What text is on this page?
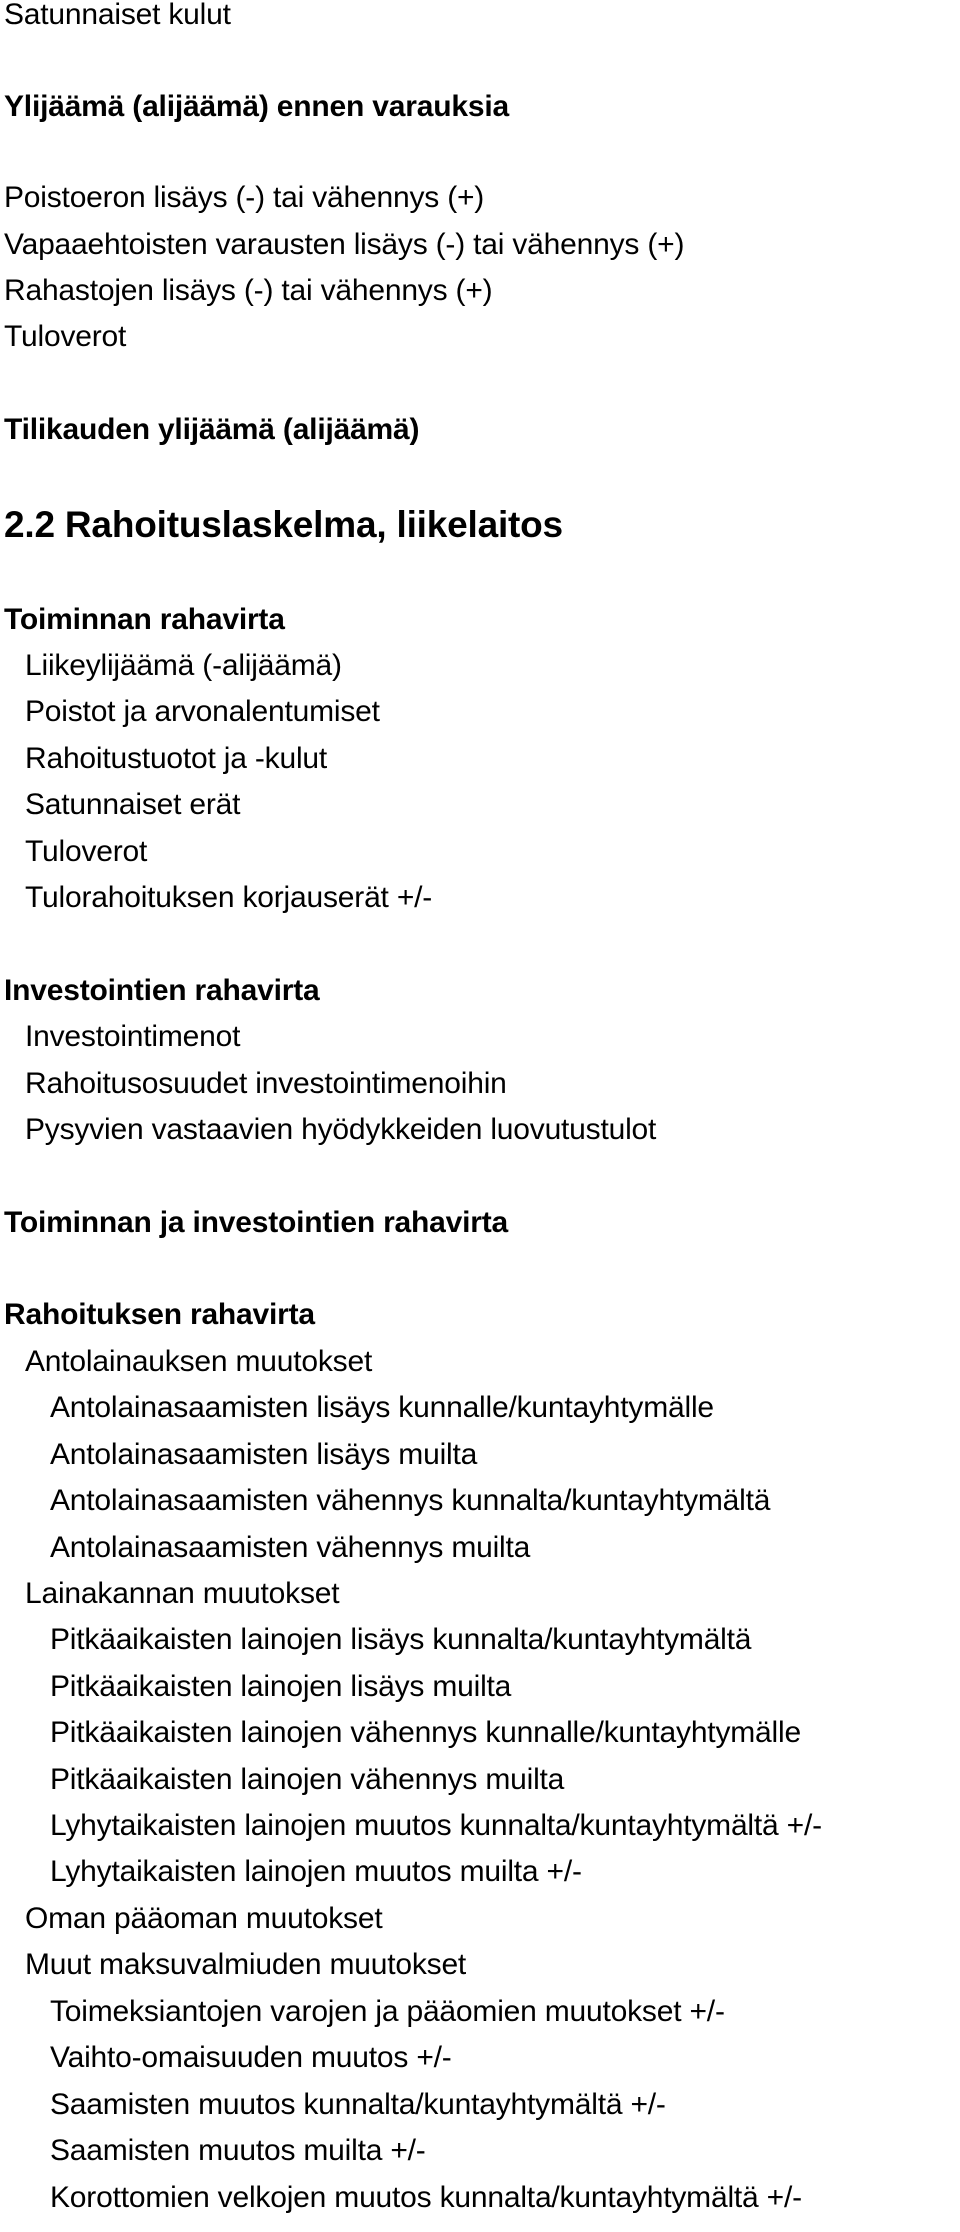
Satunnaiset kulut
Ylijäämä (alijäämä) ennen varauksia
Poistoeron lisäys (-) tai vähennys (+)
Vapaaehtoisten varausten lisäys (-) tai vähennys (+)
Rahastojen lisäys (-) tai vähennys (+)
Tuloverot
Tilikauden ylijäämä (alijäämä)
2.2 Rahoituslaskelma, liikelaitos
Toiminnan rahavirta
Liikeylijäämä (-alijäämä)
Poistot ja arvonalentumiset
Rahoitustuotot ja -kulut
Satunnaiset erät
Tuloverot
Tulorahoituksen korjauserät +/-
Investointien rahavirta
Investointimenot
Rahoitusosuudet investointimenoihin
Pysyvien vastaavien hyödykkeiden luovutustulot
Toiminnan ja investointien rahavirta
Rahoituksen rahavirta
Antolainauksen muutokset
Antolainasaamisten lisäys kunnalle/kuntayhtymälle
Antolainasaamisten lisäys muilta
Antolainasaamisten vähennys kunnalta/kuntayhtymältä
Antolainasaamisten vähennys muilta
Lainakannan muutokset
Pitkäaikaisten lainojen lisäys kunnalta/kuntayhtymältä
Pitkäaikaisten lainojen lisäys muilta
Pitkäaikaisten lainojen vähennys kunnalle/kuntayhtymälle
Pitkäaikaisten lainojen vähennys muilta
Lyhytaikaisten lainojen muutos kunnalta/kuntayhtymältä +/-
Lyhytaikaisten lainojen muutos muilta +/-
Oman pääoman muutokset
Muut maksuvalmiuden muutokset
Toimeksiantojen varojen ja pääomien muutokset +/-
Vaihto-omaisuuden muutos +/-
Saamisten muutos kunnalta/kuntayhtymältä +/-
Saamisten muutos muilta +/-
Korottomien velkojen muutos kunnalta/kuntayhtymältä +/-
